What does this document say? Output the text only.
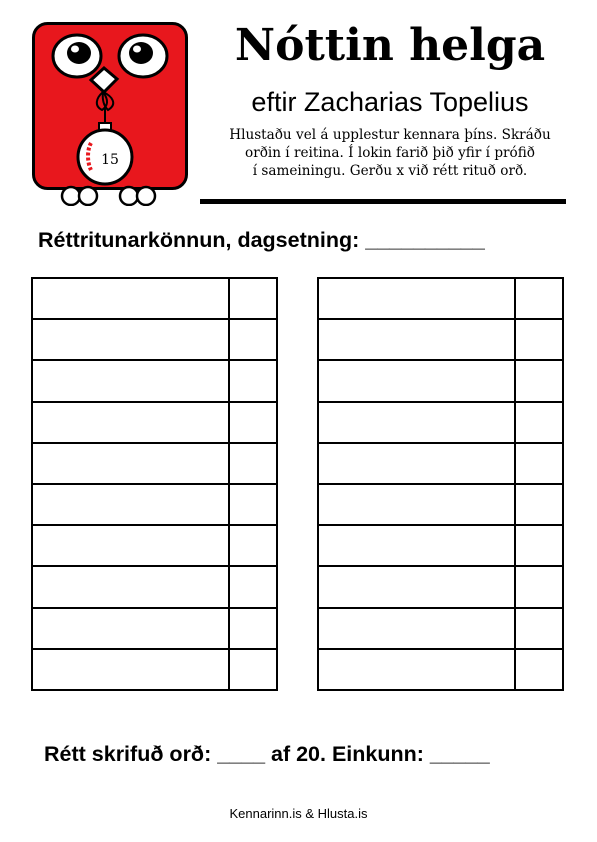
15
Nóttin helga
eftir Zacharias Topelius
Hlustaðu vel á upplestur kennara þíns. Skráðu
orðin í reitina. Í lokin farið þið yfir í prófið
í sameiningu. Gerðu x við rétt rituð orð.
Réttritunarkönnun, dagsetning: __________

Rétt skrifuð orð: ____ af 20. Einkunn: _____
Kennarinn.is & Hlusta.is
